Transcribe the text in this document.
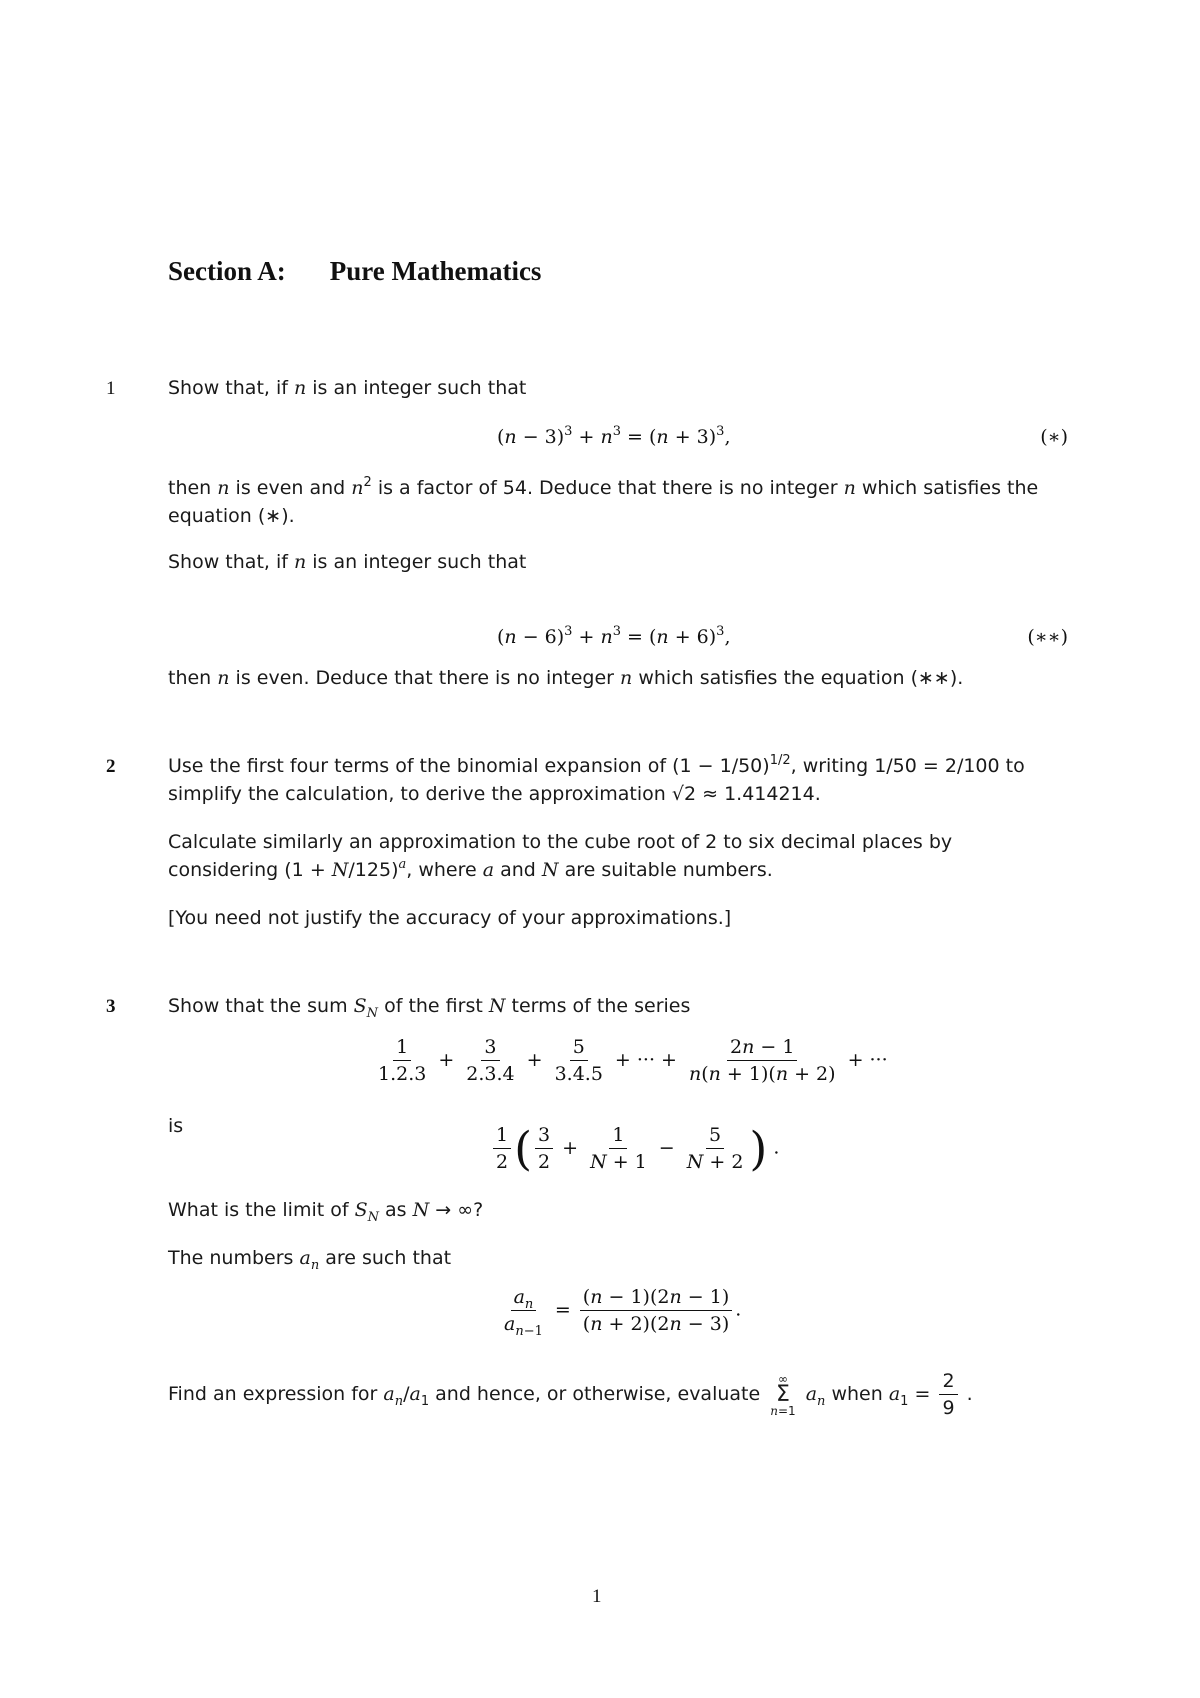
Section A: Pure Mathematics
1	Show that, if n is an integer such that
$(n - 3)^3 + n^3 = (n + 3)^3$,	(∗)
then n is even and $n^2$ is a factor of 54. Deduce that there is no integer n which satisfies the equation (∗).
Show that, if n is an integer such that
$(n - 6)^3 + n^3 = (n + 6)^3$,	(∗∗)
then n is even. Deduce that there is no integer n which satisfies the equation (∗∗).
2	Use the first four terms of the binomial expansion of $(1 - 1/50)^{1/2}$, writing 1/50 = 2/100 to simplify the calculation, to derive the approximation √2 ≈ 1.414214.
Calculate similarly an approximation to the cube root of 2 to six decimal places by considering $(1 + N/125)^a$, where a and N are suitable numbers.
[You need not justify the accuracy of your approximations.]
3	Show that the sum $S_N$ of the first N terms of the series
$\frac{1}{1.2.3} + \frac{3}{2.3.4} + \frac{5}{3.4.5}$ + ··· + $\frac{2n - 1}{n(n + 1)(n + 2)}$ + ···
is	$\frac{1}{2}$ ( $\frac{3}{2} + \frac{1}{N + 1} - \frac{5}{N + 2}$ ) .
What is the limit of $S_N$ as N → ∞?
The numbers $a_n$ are such that
$\frac{a_n}{a_{n-1}} = \frac{(n - 1)(2n - 1)}{(n + 2)(2n - 3)}$ .
Find an expression for $a_n/a_1$ and hence, or otherwise, evaluate
∞
Σ
n=1
$a_n$ when $a_1 = \frac{2}{9}$ .
1
